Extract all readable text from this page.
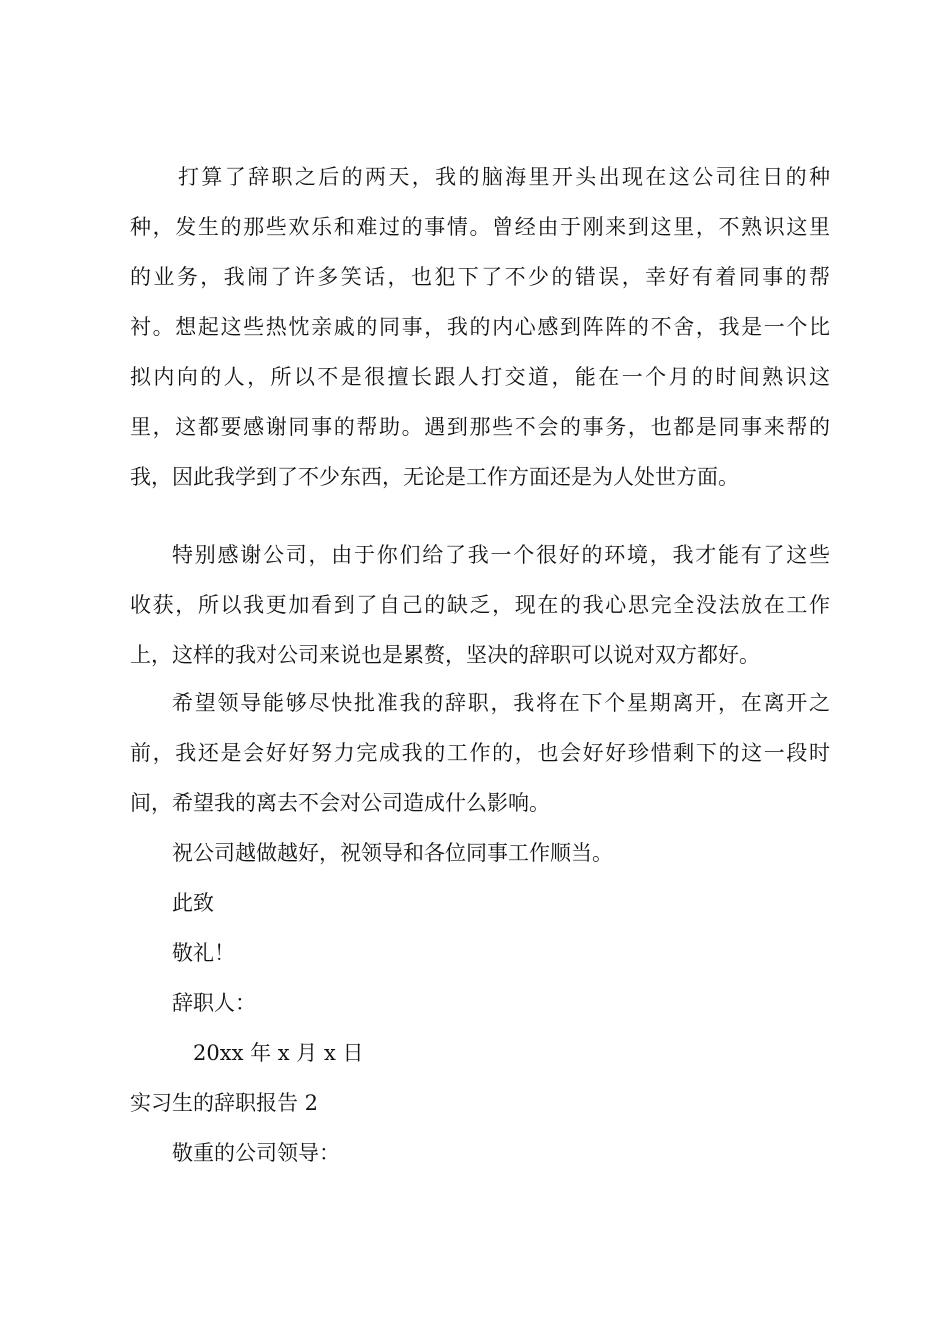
打算了辞职之后的两天，我的脑海里开头出现在这公司往日的种
种，发生的那些欢乐和难过的事情。曾经由于刚来到这里，不熟识这里
的业务，我闹了许多笑话，也犯下了不少的错误，幸好有着同事的帮
衬。想起这些热忱亲戚的同事，我的内心感到阵阵的不舍，我是一个比
拟内向的人，所以不是很擅长跟人打交道，能在一个月的时间熟识这
里，这都要感谢同事的帮助。遇到那些不会的事务，也都是同事来帮的
我，因此我学到了不少东西，无论是工作方面还是为人处世方面。
特别感谢公司，由于你们给了我一个很好的环境，我才能有了这些
收获，所以我更加看到了自己的缺乏，现在的我心思完全没法放在工作
上，这样的我对公司来说也是累赘，坚决的辞职可以说对双方都好。
希望领导能够尽快批准我的辞职，我将在下个星期离开，在离开之
前，我还是会好好努力完成我的工作的，也会好好珍惜剩下的这一段时
间，希望我的离去不会对公司造成什么影响。
祝公司越做越好，祝领导和各位同事工作顺当。
此致
敬礼！
辞职人：
20xx 年 x 月 x 日
实习生的辞职报告 2
敬重的公司领导：
